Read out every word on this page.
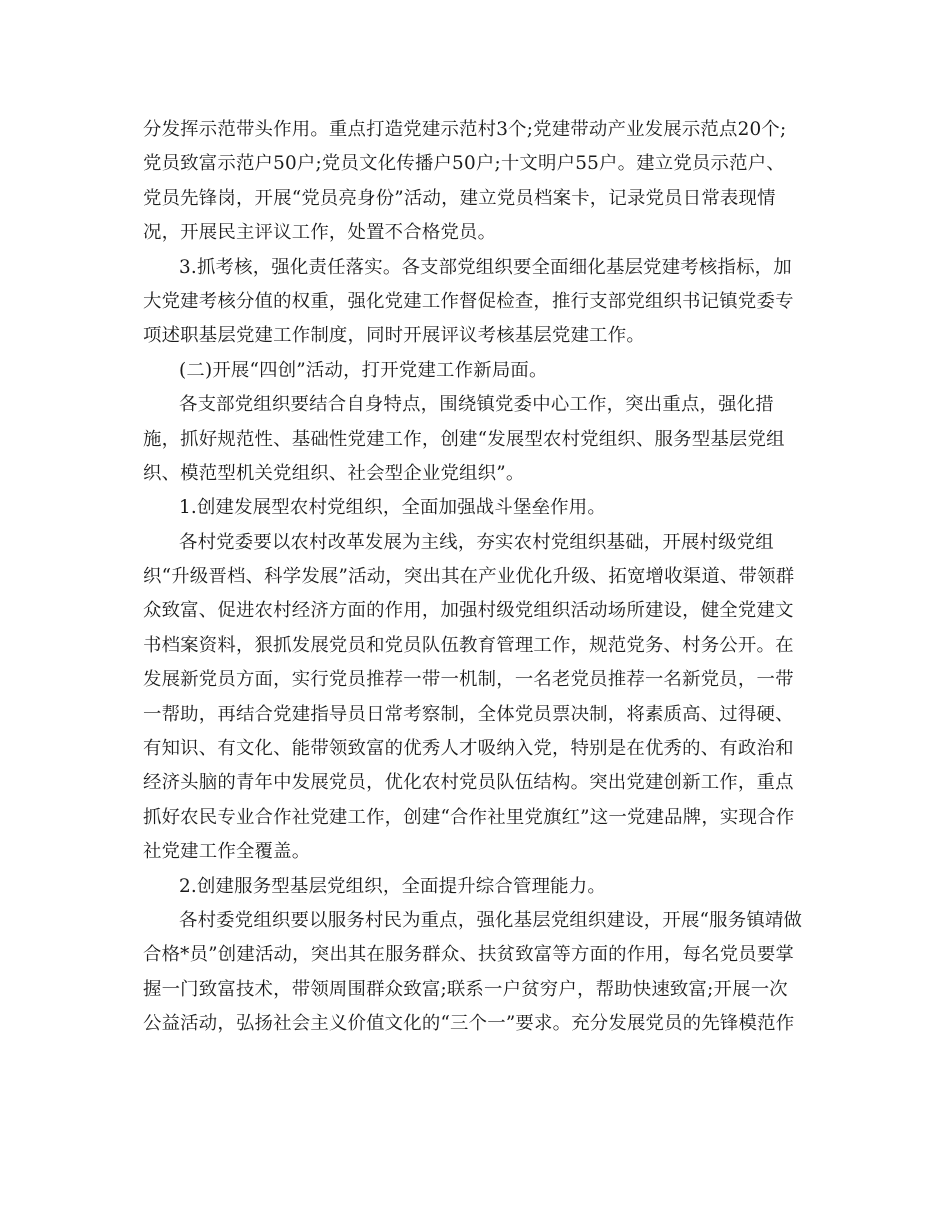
分发挥示范带头作用。重点打造党建示范村3个;党建带动产业发展示范点20个;
党员致富示范户50户;党员文化传播户50户;十文明户55户。建立党员示范户、
党员先锋岗，开展“党员亮身份”活动，建立党员档案卡，记录党员日常表现情
况，开展民主评议工作，处置不合格党员。
3.抓考核，强化责任落实。各支部党组织要全面细化基层党建考核指标，加
大党建考核分值的权重，强化党建工作督促检查，推行支部党组织书记镇党委专
项述职基层党建工作制度，同时开展评议考核基层党建工作。
(二)开展“四创”活动，打开党建工作新局面。
各支部党组织要结合自身特点，围绕镇党委中心工作，突出重点，强化措
施，抓好规范性、基础性党建工作，创建“发展型农村党组织、服务型基层党组
织、模范型机关党组织、社会型企业党组织”。
1.创建发展型农村党组织，全面加强战斗堡垒作用。
各村党委要以农村改革发展为主线，夯实农村党组织基础，开展村级党组
织“升级晋档、科学发展”活动，突出其在产业优化升级、拓宽增收渠道、带领群
众致富、促进农村经济方面的作用，加强村级党组织活动场所建设，健全党建文
书档案资料，狠抓发展党员和党员队伍教育管理工作，规范党务、村务公开。在
发展新党员方面，实行党员推荐一带一机制，一名老党员推荐一名新党员，一带
一帮助，再结合党建指导员日常考察制，全体党员票决制，将素质高、过得硬、
有知识、有文化、能带领致富的优秀人才吸纳入党，特别是在优秀的、有政治和
经济头脑的青年中发展党员，优化农村党员队伍结构。突出党建创新工作，重点
抓好农民专业合作社党建工作，创建“合作社里党旗红”这一党建品牌，实现合作
社党建工作全覆盖。
2.创建服务型基层党组织，全面提升综合管理能力。
各村委党组织要以服务村民为重点，强化基层党组织建设，开展“服务镇靖做
合格*员”创建活动，突出其在服务群众、扶贫致富等方面的作用，每名党员要掌
握一门致富技术，带领周围群众致富;联系一户贫穷户，帮助快速致富;开展一次
公益活动，弘扬社会主义价值文化的“三个一”要求。充分发展党员的先锋模范作
